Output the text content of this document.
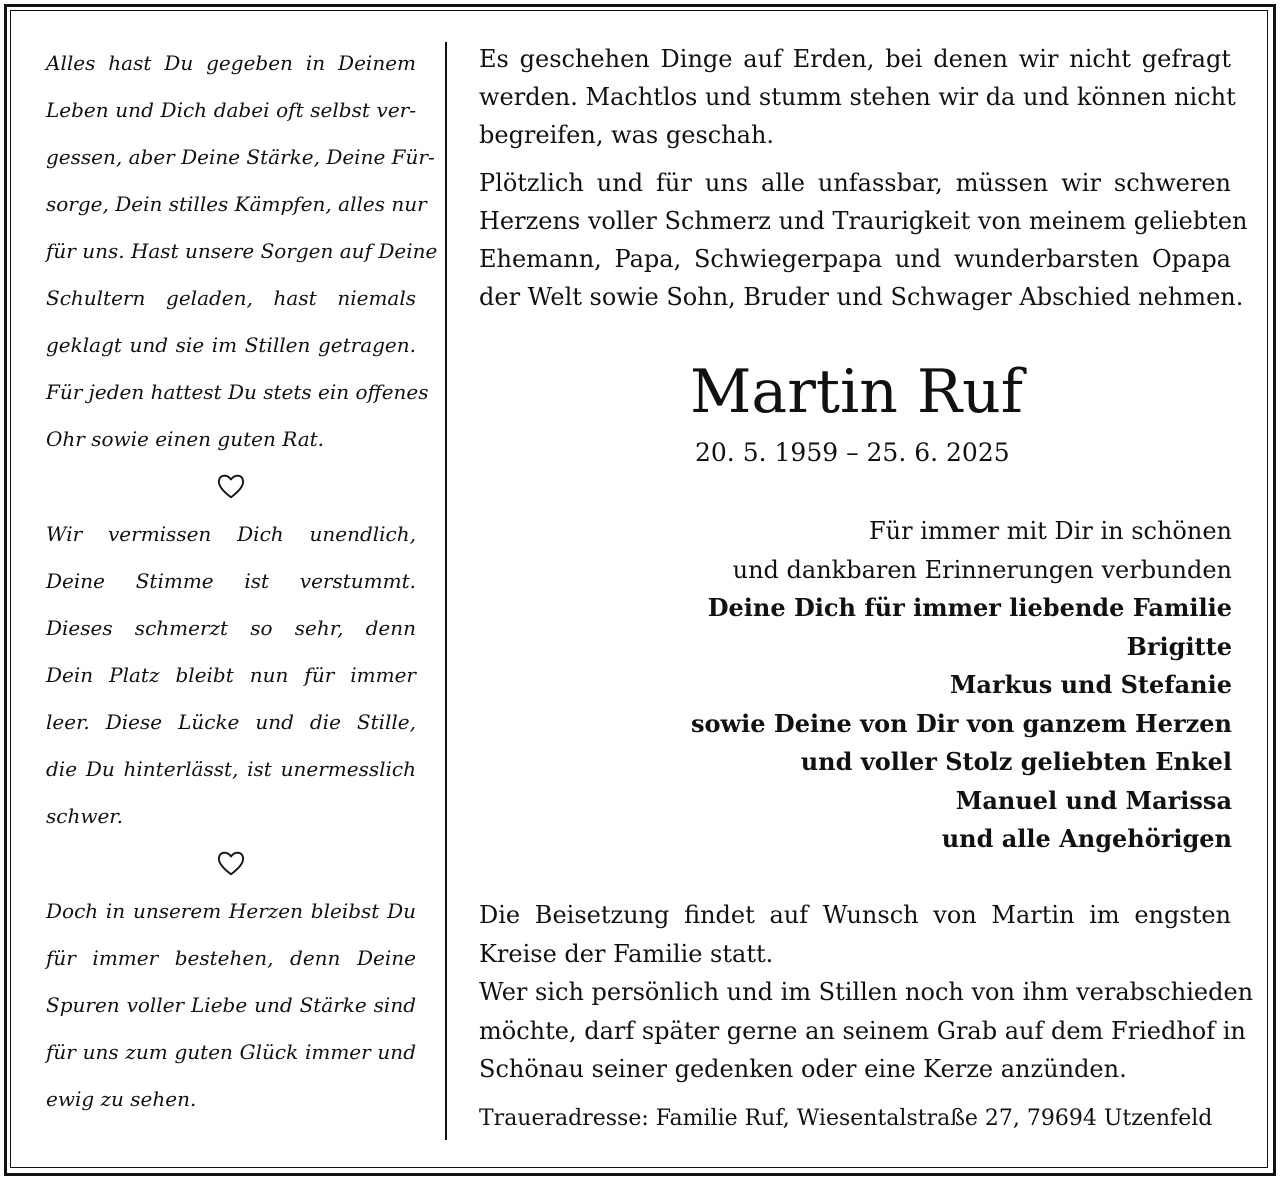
Alles hast Du gegeben in Deinem
Leben und Dich dabei oft selbst ver-
gessen, aber Deine Stärke, Deine Für-
sorge, Dein stilles Kämpfen, alles nur
für uns. Hast unsere Sorgen auf Deine
Schultern geladen, hast niemals
geklagt und sie im Stillen getragen.
Für jeden hattest Du stets ein offenes
Ohr sowie einen guten Rat.

Wir vermissen Dich unendlich,
Deine Stimme ist verstummt.
Dieses schmerzt so sehr, denn
Dein Platz bleibt nun für immer
leer. Diese Lücke und die Stille,
die Du hinterlässt, ist unermesslich
schwer.

Doch in unserem Herzen bleibst Du
für immer bestehen, denn Deine
Spuren voller Liebe und Stärke sind
für uns zum guten Glück immer und
ewig zu sehen.

Es geschehen Dinge auf Erden, bei denen wir nicht gefragt
werden. Machtlos und stumm stehen wir da und können nicht
begreifen, was geschah.

Plötzlich und für uns alle unfassbar, müssen wir schweren
Herzens voller Schmerz und Traurigkeit von meinem geliebten
Ehemann, Papa, Schwiegerpapa und wunderbarsten Opapa
der Welt sowie Sohn, Bruder und Schwager Abschied nehmen.

Martin Ruf

20. 5. 1959 – 25. 6. 2025

Für immer mit Dir in schönen
und dankbaren Erinnerungen verbunden
Deine Dich für immer liebende Familie
Brigitte
Markus und Stefanie
sowie Deine von Dir von ganzem Herzen
und voller Stolz geliebten Enkel
Manuel und Marissa
und alle Angehörigen

Die Beisetzung findet auf Wunsch von Martin im engsten
Kreise der Familie statt.

Wer sich persönlich und im Stillen noch von ihm verabschieden
möchte, darf später gerne an seinem Grab auf dem Friedhof in
Schönau seiner gedenken oder eine Kerze anzünden.

Traueradresse: Familie Ruf, Wiesentalstraße 27, 79694 Utzenfeld
